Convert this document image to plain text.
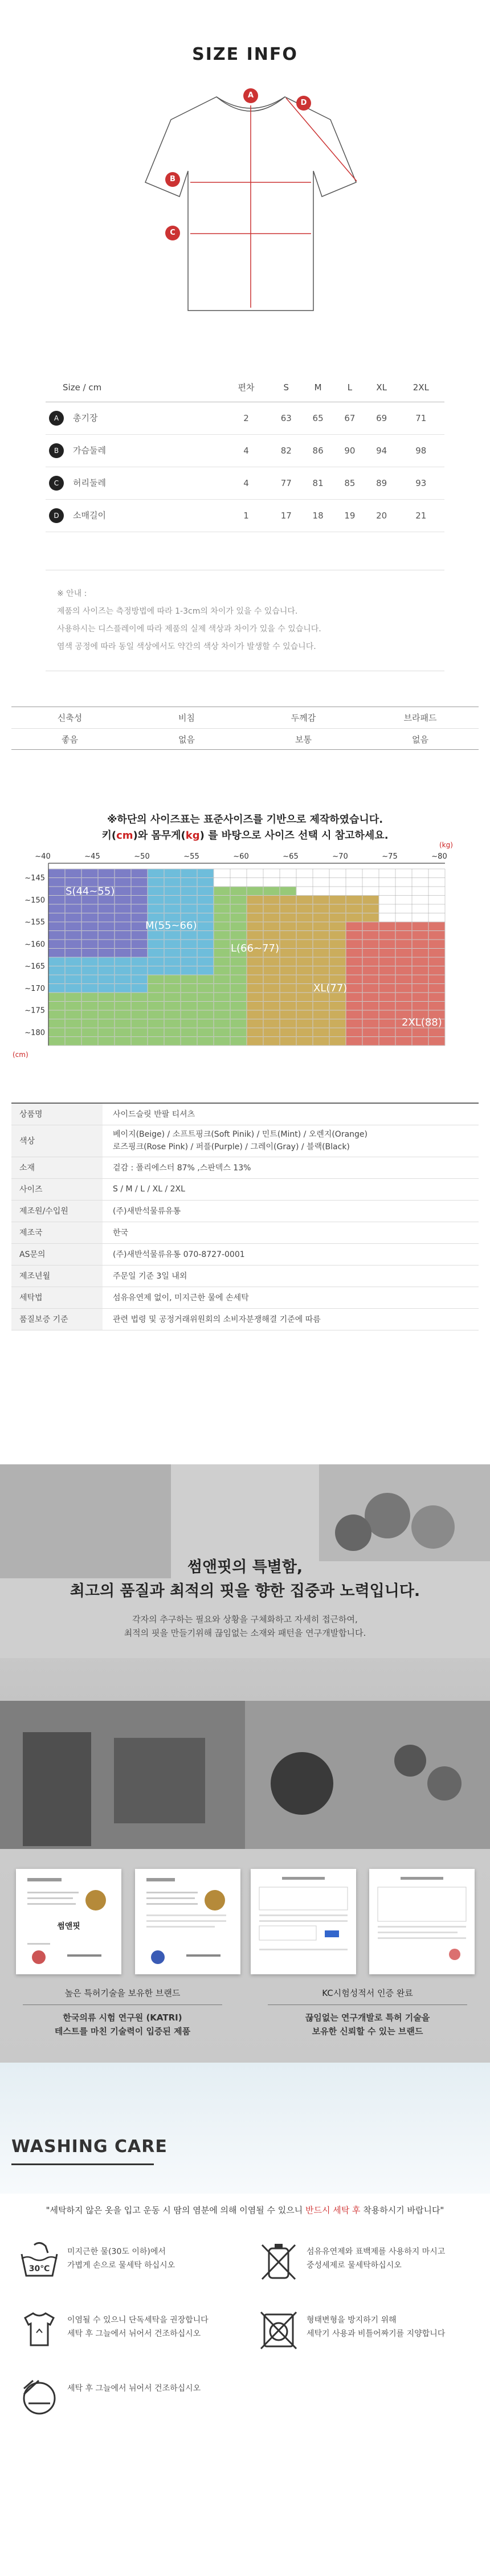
SIZE INFO
A
D
B
C
Size / cm	편차	S	M	L	XL	2XL
A 총기장	2	63	65	67	69	71
B 가슴둘레	4	82	86	90	94	98
C 허리둘레	4	77	81	85	89	93
D 소매길이	1	17	18	19	20	21
※ 안내 :
제품의 사이즈는 측정방법에 따라 1-3cm의 차이가 있을 수 있습니다.
사용하시는 디스플레이에 따라 제품의 실제 색상과 차이가 있을 수 있습니다.
염색 공정에 따라 동일 색상에서도 약간의 색상 차이가 발생할 수 있습니다.
신축성	비침	두께감	브라패드
좋음	없음	보통	없음
※하단의 사이즈표는 표준사이즈를 기반으로 제작하였습니다.
키(cm)와 몸무게(kg) 를 바탕으로 사이즈 선택 시 참고하세요.
~40	~45	~50	~55	~60	~65	~70	~75	~80
(kg)
~145
~150
~155
~160
~165
~170
~175
~180
(cm)
S(44~55)
M(55~66)
L(66~77)
XL(77)
2XL(88)
상품명	사이드슬릿 반팔 티셔츠
색상	베이지(Beige) / 소프트핑크(Soft Pinik) / 민트(Mint) / 오렌지(Orange)
로즈핑크(Rose Pink) / 퍼플(Purple) / 그레이(Gray) / 블랙(Black)
소재	겉감 : 폴리에스터 87% ,스판덱스 13%
사이즈	S / M / L / XL / 2XL
제조원/수입원	(주)새반석물류유통
제조국	한국
AS문의	(주)새반석물류유통 070-8727-0001
제조년월	주문일 기준 3일 내외
세탁법	섬유유연제 없이, 미지근한 물에 손세탁
품질보증 기준	관련 법령 및 공정거래위원회의 소비자분쟁해결 기준에 따름
썸앤핏의 특별함,
최고의 품질과 최적의 핏을 향한 집중과 노력입니다.
각자의 추구하는 필요와 상황을 구체화하고 자세히 접근하여,
최적의 핏을 만들기위해 끊임없는 소재와 패턴을 연구개발합니다.
썸앤핏
높은 특허기술을 보유한 브랜드
한국의류 시험 연구원 (KATRI)
테스트를 마친 기술력이 입증된 제품
KC시험성적서 인증 완료
끊임없는 연구개발로 특허 기술을
보유한 신뢰할 수 있는 브랜드
WASHING CARE
"세탁하지 않은 옷을 입고 운동 시 땀의 염분에 의해 이염될 수 있으니 반드시 세탁 후 착용하시기 바랍니다"
30℃
미지근한 물(30도 이하)에서
가볍게 손으로 물세탁 하십시오
섬유유연제와 표백제를 사용하지 마시고
중성세제로 물세탁하십시오
이염될 수 있으니 단독세탁을 권장합니다
세탁 후 그늘에서 뉘어서 건조하십시오
형태변형을 방지하기 위해
세탁기 사용과 비틀어짜기를 지양합니다
세탁 후 그늘에서 뉘어서 건조하십시오
